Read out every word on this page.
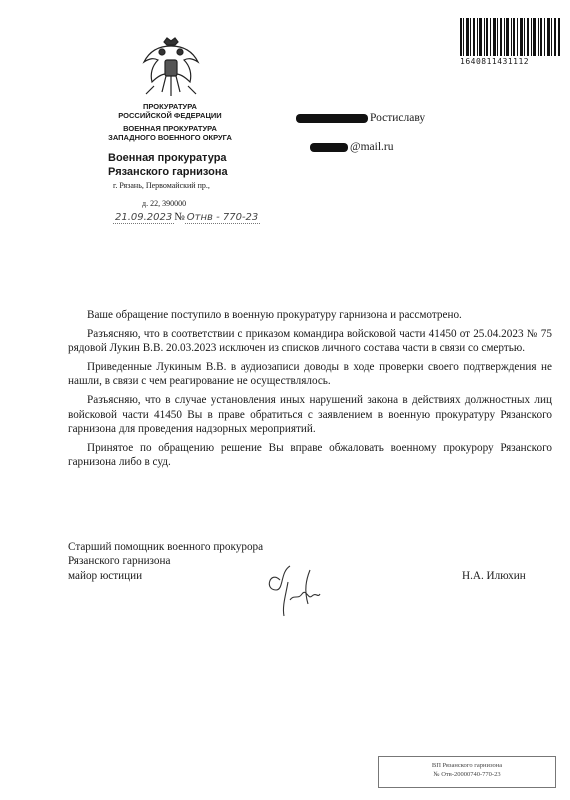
1640811431112
ПРОКУРАТУРА
РОССИЙСКОЙ ФЕДЕРАЦИИ
ВОЕННАЯ ПРОКУРАТУРА
ЗАПАДНОГО ВОЕННОГО ОКРУГА
Военная прокуратура
Рязанского гарнизона
г. Рязань, Первомайский пр.,
д. 22, 390000
21.09.2023 № Отнв - 770-23
Ростиславу
@mail.ru

Ваше обращение поступило в военную прокуратуру гарнизона и рассмотрено.

Разъясняю, что в соответствии с приказом командира войсковой части 41450 от 25.04.2023 № 75 рядовой Лукин В.В. 20.03.2023 исключен из списков личного состава части в связи со смертью.

Приведенные Лукиным В.В. в аудиозаписи доводы в ходе проверки своего подтверждения не нашли, в связи с чем реагирование не осуществлялось.

Разъясняю, что в случае установления иных нарушений закона в действиях должностных лиц войсковой части 41450 Вы в праве обратиться с заявлением в военную прокуратуру Рязанского гарнизона для проведения надзорных мероприятий.

Принятое по обращению решение Вы вправе обжаловать военному прокурору Рязанского гарнизона либо в суд.

Старший помощник военного прокурора
Рязанского гарнизона
майор юстиции	Н.А. Илюхин
ВП Рязанского гарнизона
№ Отв-20000740-770-23
